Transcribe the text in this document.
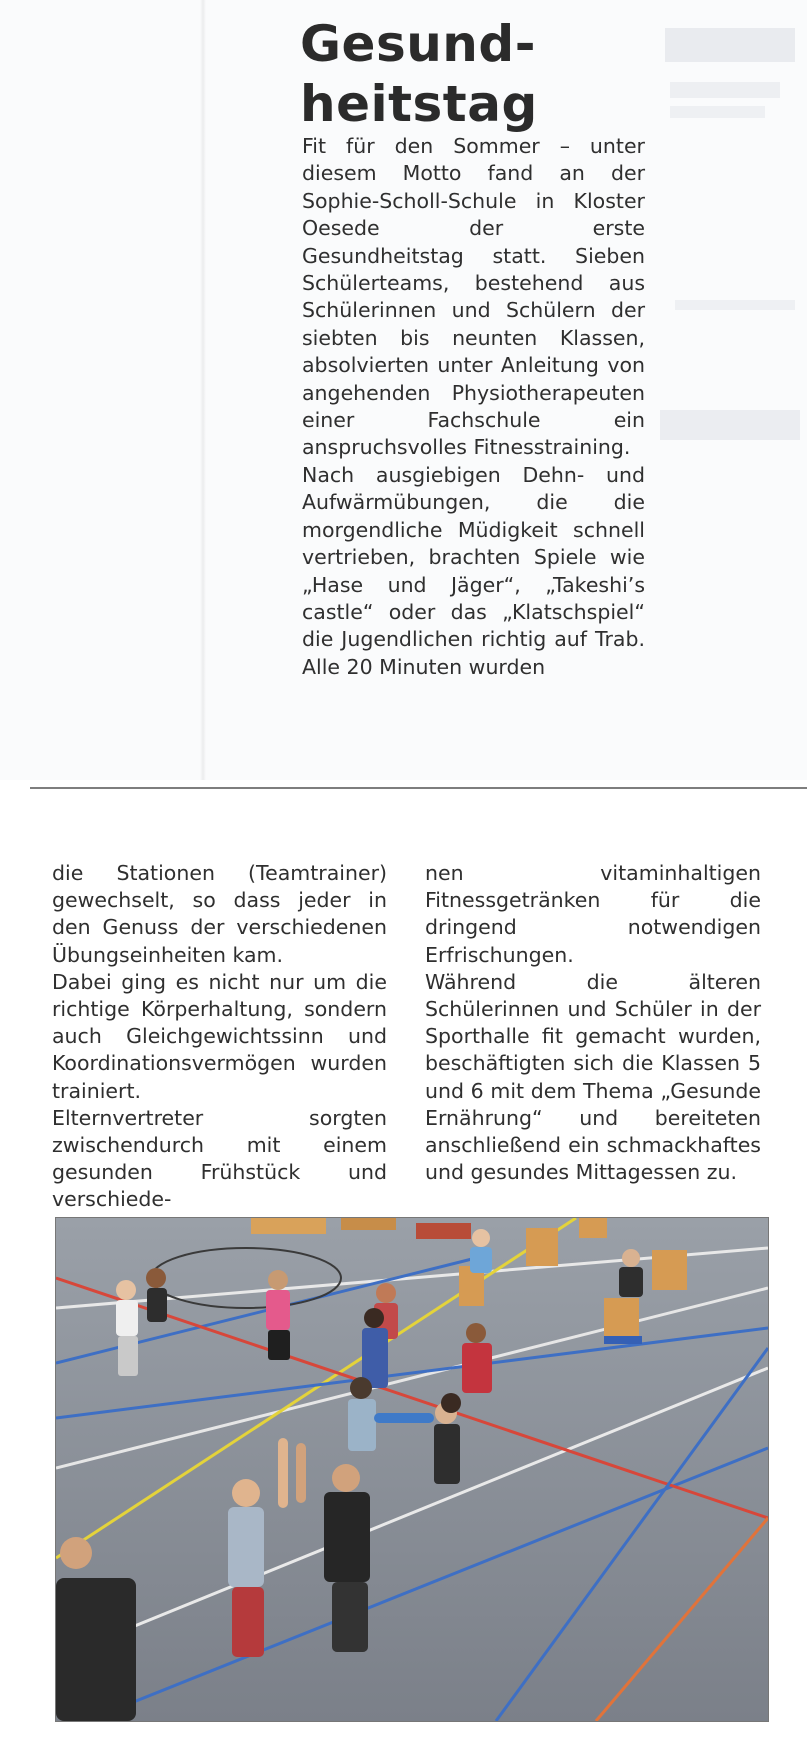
Gesund-
heitstag

Fit für den Sommer – unter diesem Motto fand an der Sophie-Scholl-Schule in Kloster Oesede der erste Gesundheitstag statt. Sieben Schülerteams, bestehend aus Schülerinnen und Schülern der siebten bis neunten Klassen, absolvierten unter Anleitung von angehenden Physiotherapeuten einer Fachschule ein anspruchsvolles Fitnesstraining.

Nach ausgiebigen Dehn- und Aufwärmübungen, die die morgendliche Müdigkeit schnell vertrieben, brachten Spiele wie „Hase und Jäger“, „Takeshi’s castle“ oder das „Klatschspiel“ die Jugendlichen richtig auf Trab. Alle 20 Minuten wurden

die Stationen (Teamtrainer) gewechselt, so dass jeder in den Genuss der verschiedenen Übungseinheiten kam.

Dabei ging es nicht nur um die richtige Körperhaltung, sondern auch Gleichgewichtssinn und Koordinationsvermögen wurden trainiert.

Elternvertreter sorgten zwischendurch mit einem gesunden Frühstück und verschiede-

nen vitaminhaltigen Fitnessgetränken für die dringend notwendigen Erfrischungen.

Während die älteren Schülerinnen und Schüler in der Sporthalle fit gemacht wurden, beschäftigten sich die Klassen 5 und 6 mit dem Thema „Gesunde Ernährung“ und bereiteten anschließend ein schmackhaftes und gesundes Mittagessen zu.
